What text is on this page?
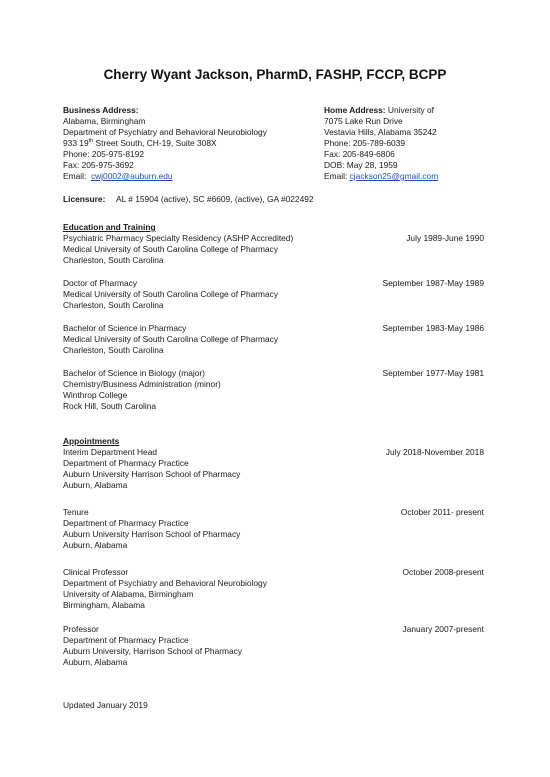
Cherry Wyant Jackson, PharmD, FASHP, FCCP, BCPP
Business Address:
Alabama, Birmingham
Department of Psychiatry and Behavioral Neurobiology
933 19th Street South, CH-19, Suite 308X
Phone: 205-975-8192
Fax: 205-975-3692
Email: cwj0002@auburn.edu
Home Address: University of
7075 Lake Run Drive
Vestavia Hills, Alabama 35242
Phone: 205-789-6039
Fax: 205-849-6806
DOB: May 28, 1959
Email: cjackson25@gmail.com
Licensure: AL # 15904 (active), SC #6609, (active), GA #022492
Education and Training
Psychiatric Pharmacy Specialty Residency (ASHP Accredited)	July 1989-June 1990
Medical University of South Carolina College of Pharmacy
Charleston, South Carolina
Doctor of Pharmacy	September 1987-May 1989
Medical University of South Carolina College of Pharmacy
Charleston, South Carolina
Bachelor of Science in Pharmacy	September 1983-May 1986
Medical University of South Carolina College of Pharmacy
Charleston, South Carolina
Bachelor of Science in Biology (major)	September 1977-May 1981
Chemistry/Business Administration (minor)
Winthrop College
Rock Hill, South Carolina
Appointments
Interim Department Head	July 2018-November 2018
Department of Pharmacy Practice
Auburn University Harrison School of Pharmacy
Auburn, Alabama
Tenure	October 2011- present
Department of Pharmacy Practice
Auburn University Harrison School of Pharmacy
Auburn, Alabama
Clinical Professor	October 2008-present
Department of Psychiatry and Behavioral Neurobiology
University of Alabama, Birmingham
Birmingham, Alabama
Professor	January 2007-present
Department of Pharmacy Practice
Auburn University, Harrison School of Pharmacy
Auburn, Alabama
Updated January 2019
